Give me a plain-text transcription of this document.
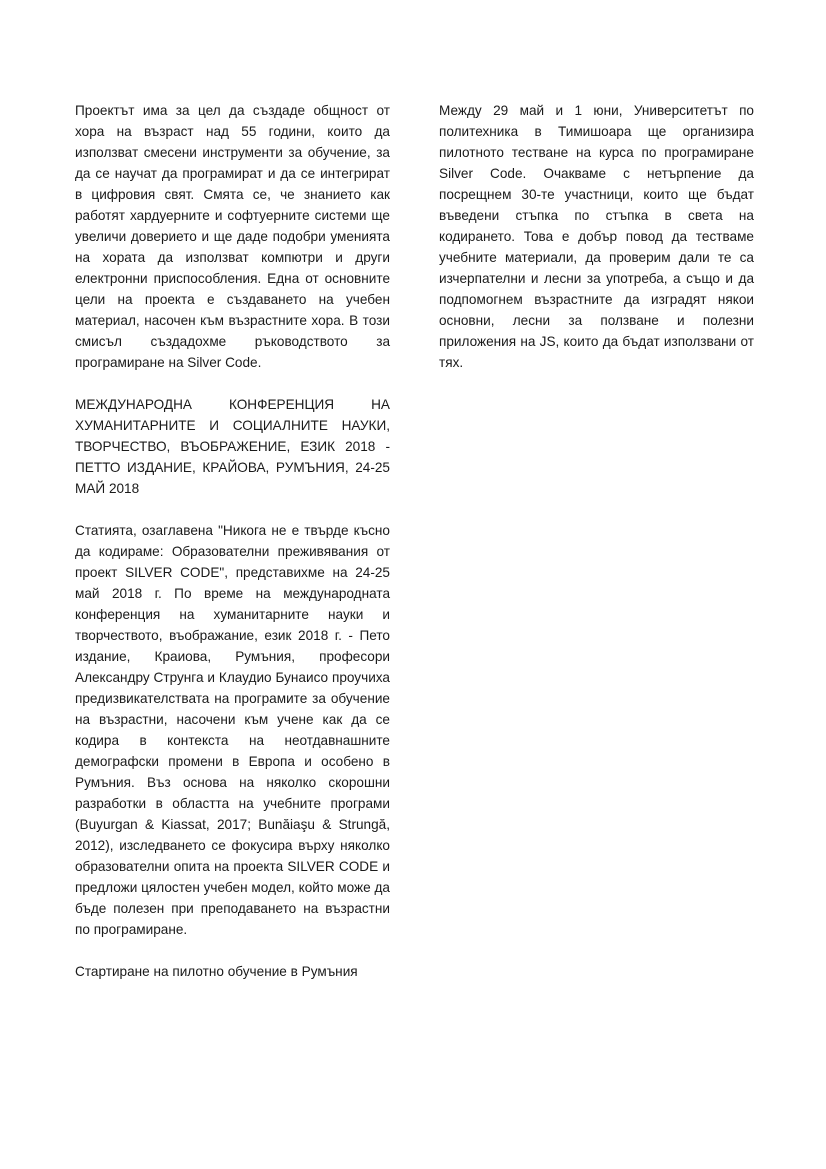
Проектът има за цел да създаде общност от хора на възраст над 55 години, които да използват смесени инструменти за обучение, за да се научат да програмират и да се интегрират в цифровия свят. Смята се, че знанието как работят хардуерните и софтуерните системи ще увеличи доверието и ще даде подобри уменията на хората да използват компютри и други електронни приспособления. Една от основните цели на проекта е създаването на учебен материал, насочен към възрастните хора. В този смисъл създадохме ръководството за програмиране на Silver Code.

МЕЖДУНАРОДНА КОНФЕРЕНЦИЯ НА ХУМАНИТАРНИТЕ И СОЦИАЛНИТЕ НАУКИ, ТВОРЧЕСТВО, ВЪОБРАЖЕНИЕ, ЕЗИК 2018 - ПЕТТО ИЗДАНИЕ, КРАЙОВА, РУМЪНИЯ, 24-25 МАЙ 2018

Статията, озаглавена "Никога не е твърде късно да кодираме: Образователни преживявания от проект SILVER CODE", представихме на 24-25 май 2018 г. По време на международната конференция на хуманитарните науки и творчеството, въображание, език 2018 г. - Пето издание, Краиова, Румъния, професори Александру Струнга и Клаудио Бунаисо проучиха предизвикателствата на програмите за обучение на възрастни, насочени към учене как да се кодира в контекста на неотдавнашните демографски промени в Европа и особено в Румъния. Въз основа на няколко скорошни разработки в областта на учебните програми (Buyurgan & Kiassat, 2017; Bunăiaşu & Strungă, 2012), изследването се фокусира върху няколко образователни опита на проекта SILVER CODE и предложи цялостен учебен модел, който може да бъде полезен при преподаването на възрастни по програмиране.

Стартиране на пилотно обучение в Румъния

Между 29 май и 1 юни, Университетът по политехника в Тимишоара ще организира пилотното тестване на курса по програмиране Silver Code. Очакваме с нетърпение да посрещнем 30-те участници, които ще бъдат въведени стъпка по стъпка в света на кодирането. Това е добър повод да тестваме учебните материали, да проверим дали те са изчерпателни и лесни за употреба, а също и да подпомогнем възрастните да изградят някои основни, лесни за ползване и полезни приложения на JS, които да бъдат използвани от тях.
